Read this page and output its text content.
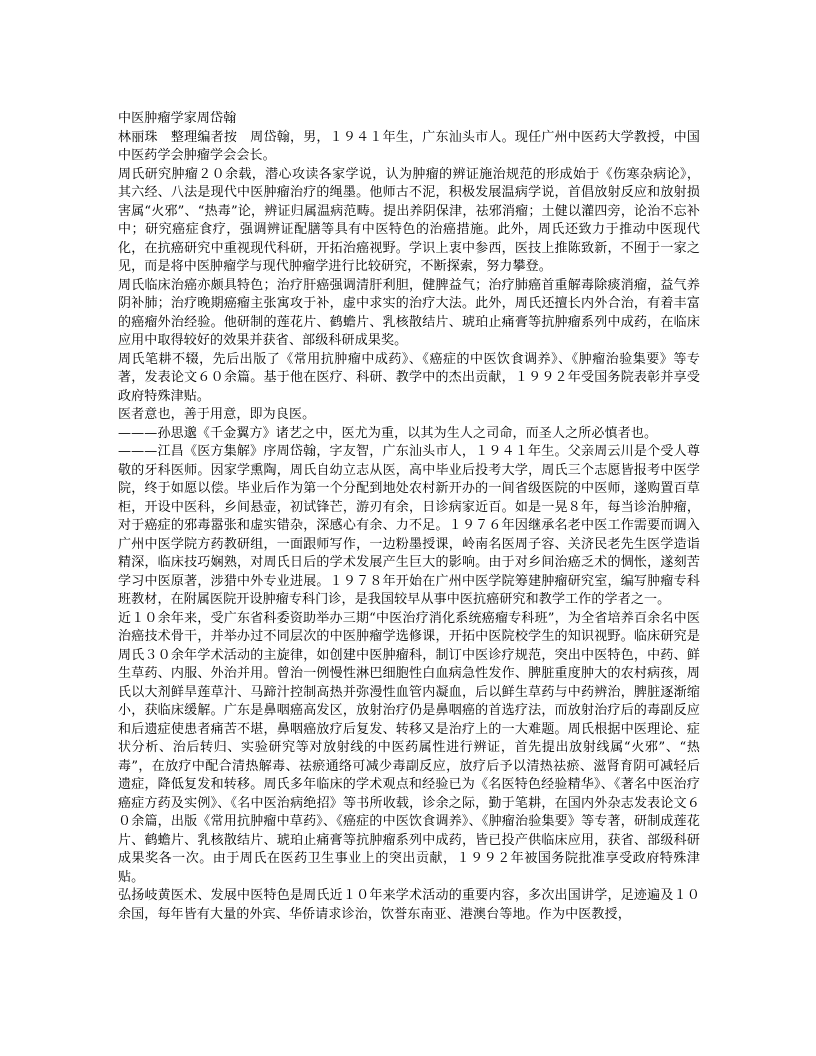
中医肿瘤学家周岱翰

林丽珠　整理编者按　周岱翰，男，１９４１年生，广东汕头市人。现任广州中医药大学教授，中国中医药学会肿瘤学会会长。

周氏研究肿瘤２０余载，潜心攻读各家学说，认为肿瘤的辨证施治规范的形成始于《伤寒杂病论》，其六经、八法是现代中医肿瘤治疗的绳墨。他师古不泥，积极发展温病学说，首倡放射反应和放射损害属“火邪”、“热毒”论，辨证归属温病范畴。提出养阴保津，祛邪消瘤；土健以灌四旁，论治不忘补中；研究癌症食疗，强调辨证配膳等具有中医特色的治癌措施。此外，周氏还致力于推动中医现代化，在抗癌研究中重视现代科研，开拓治癌视野。学识上衷中参西，医技上推陈致新，不囿于一家之见，而是将中医肿瘤学与现代肿瘤学进行比较研究，不断探索，努力攀登。

周氏临床治癌亦颇具特色；治疗肝癌强调清肝利胆，健脾益气；治疗肺癌首重解毒除痰消瘤，益气养阴补肺；治疗晚期癌瘤主张寓攻于补，虚中求实的治疗大法。此外，周氏还擅长内外合治，有着丰富的癌瘤外治经验。他研制的莲花片、鹤蟾片、乳核散结片、琥珀止痛膏等抗肿瘤系列中成药，在临床应用中取得较好的效果并获省、部级科研成果奖。

周氏笔耕不辍，先后出版了《常用抗肿瘤中成药》、《癌症的中医饮食调养》、《肿瘤治验集要》等专著，发表论文６０余篇。基于他在医疗、科研、教学中的杰出贡献，１９９２年受国务院表彰并享受政府特殊津贴。

医者意也，善于用意，即为良医。

———孙思邈《千金翼方》诸艺之中，医尤为重，以其为生人之司命，而圣人之所必慎者也。

———江昌《医方集解》序周岱翰，字友智，广东汕头市人，１９４１年生。父亲周云川是个受人尊敬的牙科医师。因家学熏陶，周氏自幼立志从医，高中毕业后投考大学，周氏三个志愿皆报考中医学院，终于如愿以偿。毕业后作为第一个分配到地处农村新开办的一间省级医院的中医师，遂购置百草柜，开设中医科，乡间悬壶，初试锋芒，游刃有余，日诊病家近百。如是一晃８年，每当诊治肿瘤，对于癌症的邪毒嚣张和虚实错杂，深感心有余、力不足。１９７６年因继承名老中医工作需要而调入广州中医学院方药教研组，一面跟师写作，一边粉墨授课，岭南名医周子容、关济民老先生医学造诣精深，临床技巧娴熟，对周氏日后的学术发展产生巨大的影响。由于对乡间治癌乏术的惆怅，遂刻苦学习中医原著，涉猎中外专业进展。１９７８年开始在广州中医学院筹建肿瘤研究室，编写肿瘤专科班教材，在附属医院开设肿瘤专科门诊，是我国较早从事中医抗癌研究和教学工作的学者之一。

近１０余年来，受广东省科委资助举办三期“中医治疗消化系统癌瘤专科班”，为全省培养百余名中医治癌技术骨干，并举办过不同层次的中医肿瘤学选修课，开拓中医院校学生的知识视野。临床研究是周氏３０余年学术活动的主旋律，如创建中医肿瘤科，制订中医诊疗规范，突出中医特色，中药、鲜生草药、内服、外治并用。曾治一例慢性淋巴细胞性白血病急性发作、脾脏重度肿大的农村病孩，周氏以大剂鲜旱莲草汁、马蹄汁控制高热并弥漫性血管内凝血，后以鲜生草药与中药辨治，脾脏逐渐缩小，获临床缓解。广东是鼻咽癌高发区，放射治疗仍是鼻咽癌的首选疗法，而放射治疗后的毒副反应和后遗症使患者痛苦不堪，鼻咽癌放疗后复发、转移又是治疗上的一大难题。周氏根据中医理论、症状分析、治后转归、实验研究等对放射线的中医药属性进行辨证，首先提出放射线属“火邪”、“热毒”，在放疗中配合清热解毒、祛瘀通络可减少毒副反应，放疗后予以清热祛瘀、滋肾育阴可减轻后遗症，降低复发和转移。周氏多年临床的学术观点和经验已为《名医特色经验精华》、《著名中医治疗癌症方药及实例》、《名中医治病绝招》等书所收载，诊余之际，勤于笔耕，在国内外杂志发表论文６０余篇，出版《常用抗肿瘤中草药》、《癌症的中医饮食调养》、《肿瘤治验集要》等专著，研制成莲花片、鹤蟾片、乳核散结片、琥珀止痛膏等抗肿瘤系列中成药，皆已投产供临床应用，获省、部级科研成果奖各一次。由于周氏在医药卫生事业上的突出贡献，１９９２年被国务院批准享受政府特殊津贴。

弘扬岐黄医术、发展中医特色是周氏近１０年来学术活动的重要内容，多次出国讲学，足迹遍及１０余国，每年皆有大量的外宾、华侨请求诊治，饮誉东南亚、港澳台等地。作为中医教授，
